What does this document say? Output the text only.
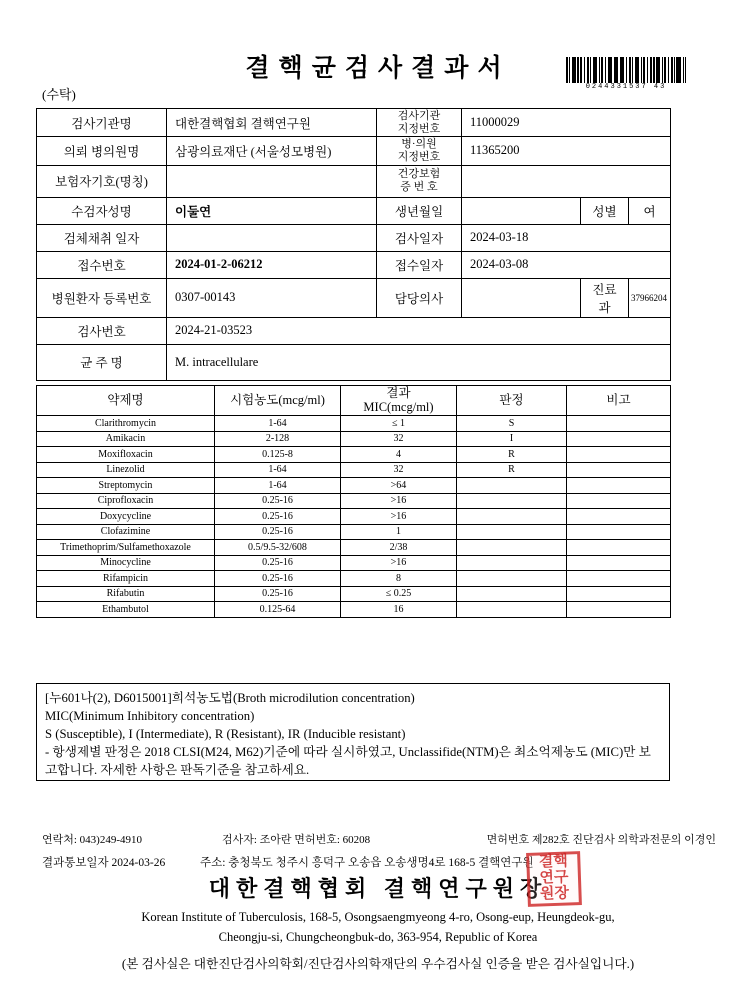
(수탁)
결핵균검사결과서
0244331537 43
검사기관명	대한결핵협회 결핵연구원	검사기관
지정번호	11000029		
의뢰 병의원명	삼광의료재단 (서울성모병원)	병·의원
지정번호	11365200		
보험자기호(명칭)		건강보험
증 번 호			

수검자성명	이둘연	생년월일		성별	여
검체채취 일자		검사일자	2024-03-18		
접수번호	2024-01-2-06212	접수일자	2024-03-08		
병원환자 등록번호	0307-00143	담당의사		진료과	37966204
검사번호	2024-21-03523				
균 주 명	M. intracellulare				
약제명	시험농도(mcg/ml)	결과
MIC(mcg/ml)	판정	비고
Clarithromycin	1-64	≤ 1	S	
Amikacin	2-128	32	I	
Moxifloxacin	0.125-8	4	R	
Linezolid	1-64	32	R	
Streptomycin	1-64	>64		
Ciprofloxacin	0.25-16	>16		
Doxycycline	0.25-16	>16		
Clofazimine	0.25-16	1		
Trimethoprim/Sulfamethoxazole	0.5/9.5-32/608	2/38		
Minocycline	0.25-16	>16		
Rifampicin	0.25-16	8		
Rifabutin	0.25-16	≤ 0.25		
Ethambutol	0.125-64	16		
[누601나(2), D6015001]희석농도법(Broth microdilution concentration)
MIC(Minimum Inhibitory concentration)
S (Susceptible), I (Intermediate), R (Resistant), IR (Inducible resistant)
- 항생제별 판정은 2018 CLSI(M24, M62)기준에 따라 실시하였고, Unclassifide(NTM)은 최소억제농도 (MIC)만 보고합니다. 자세한 사항은 판독기준을 참고하세요.
연락처: 043)249-4910	검사자: 조아란 면허번호: 60208	면허번호 제282호 진단검사 의학과전문의 이경인
결과통보일자 2024-03-26	주소: 충청북도 청주시 흥덕구 오송읍 오송생명4로 168-5 결핵연구원
대한결핵협회 결핵연구원장
결핵연구원장
Korean Institute of Tuberculosis, 168-5, Osongsaengmyeong 4-ro, Osong-eup, Heungdeok-gu,
Cheongju-si, Chungcheongbuk-do, 363-954, Republic of Korea
(본 검사실은 대한진단검사의학회/진단검사의학재단의 우수검사실 인증을 받은 검사실입니다.)
